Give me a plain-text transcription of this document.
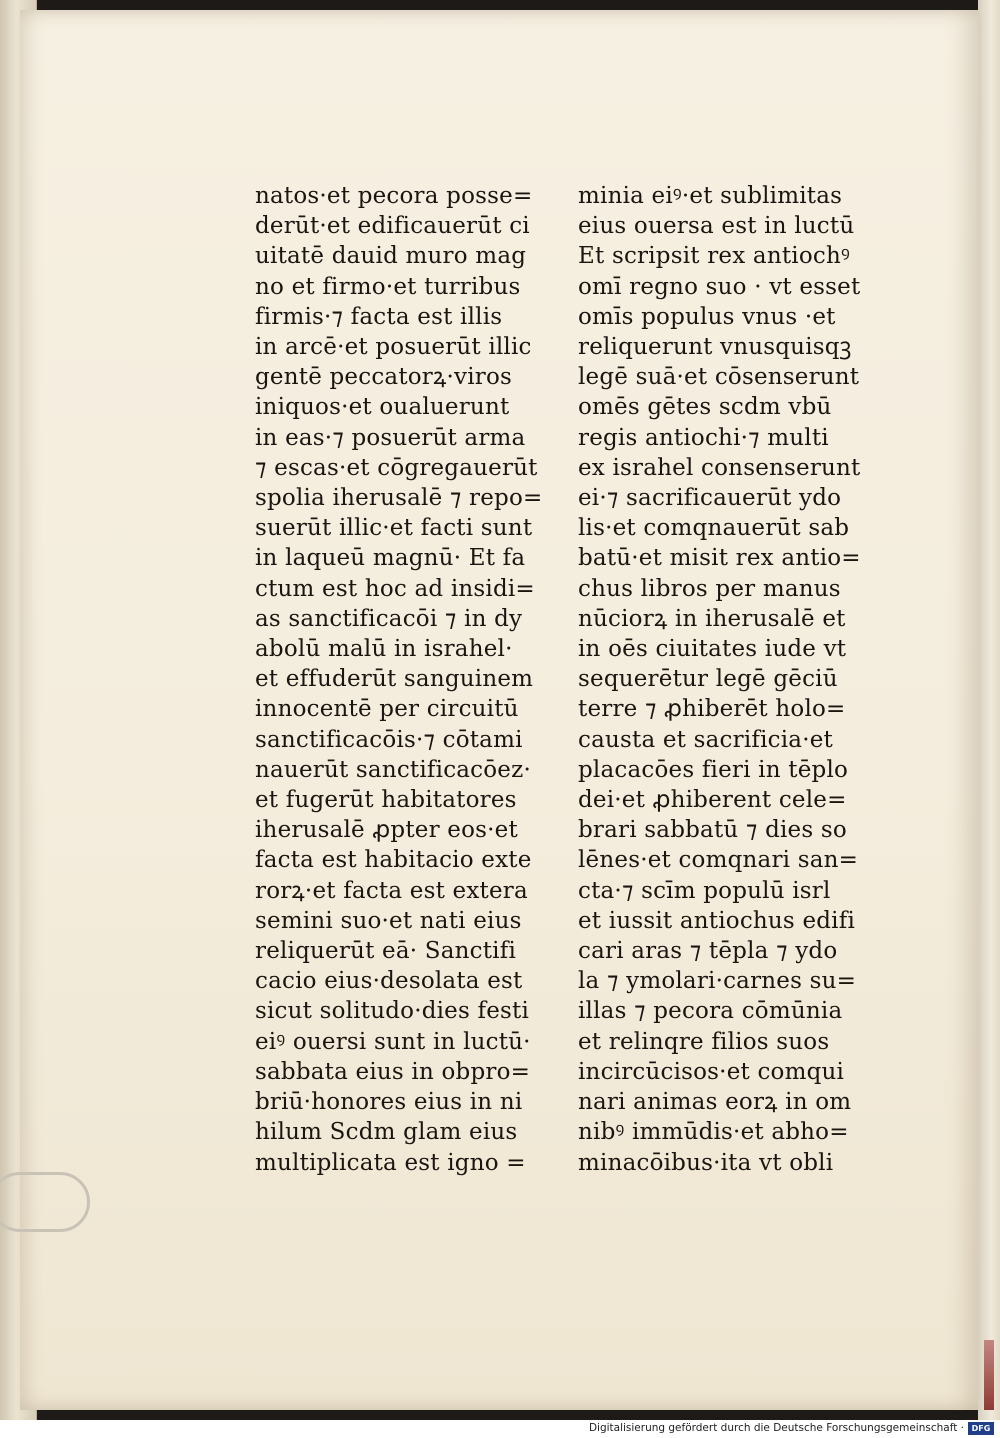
natos·et pecora posse=
derūt·et edificauerūt ci
uitatē dauid muro mag
no et firmo·et turribus
firmis·⁊ facta est illis
in arcē·et posuerūt illic
gentē peccatorꝝ·viros
iniquos·et oualuerunt
in eas·⁊ posuerūt arma
⁊ escas·et cōgregauerūt
spolia iherusalē ⁊ repo=
suerūt illic·et facti sunt
in laqueū magnū· Et fa
ctum est hoc ad insidi=
as sanctificacōi ⁊ in dy
abolū malū in israhel·
et effuderūt sanguinem
innocentē per circuitū
sanctificacōis·⁊ cōtami
nauerūt sanctificacōez·
et fugerūt habitatores
iherusalē ꝓpter eos·et
facta est habitacio exte
rorꝝ·et facta est extera
semini suo·et nati eius
reliquerūt eā· Sanctifi
cacio eius·desolata est
sicut solitudo·dies festi
eiꝰ ouersi sunt in luctū·
sabbata eius in obpro=
briū·honores eius in ni
hilum Scdm glam eius
multiplicata est igno =
minia eiꝰ·et sublimitas
eius ouersa est in luctū
Et scripsit rex antiochꝰ
omī regno suo · vt esset
omīs populus vnus ·et
reliquerunt vnusquisqꝫ
legē suā·et cōsenserunt
omēs gētes scdm vbū
regis antiochi·⁊ multi
ex israhel consenserunt
ei·⁊ sacrificauerūt ydo
lis·et comqnauerūt sab
batū·et misit rex antio=
chus libros per manus
nūciorꝝ in iherusalē et
in oēs ciuitates iude vt
sequerētur legē gēciū
terre ⁊ ꝓhiberēt holo=
causta et sacrificia·et
placacōes fieri in tēplo
dei·et ꝓhiberent cele=
brari sabbatū ⁊ dies so
lēnes·et comqnari san=
cta·⁊ scīm populū isrl
et iussit antiochus edifi
cari aras ⁊ tēpla ⁊ ydo
la ⁊ ymolari·carnes su=
illas ⁊ pecora cōmūnia
et relinqre filios suos
incircūcisos·et comqui
nari animas eorꝝ in om
nibꝰ immūdis·et abho=
minacōibus·ita vt obli
Digitalisierung gefördert durch die Deutsche Forschungsgemeinschaft · DFG
